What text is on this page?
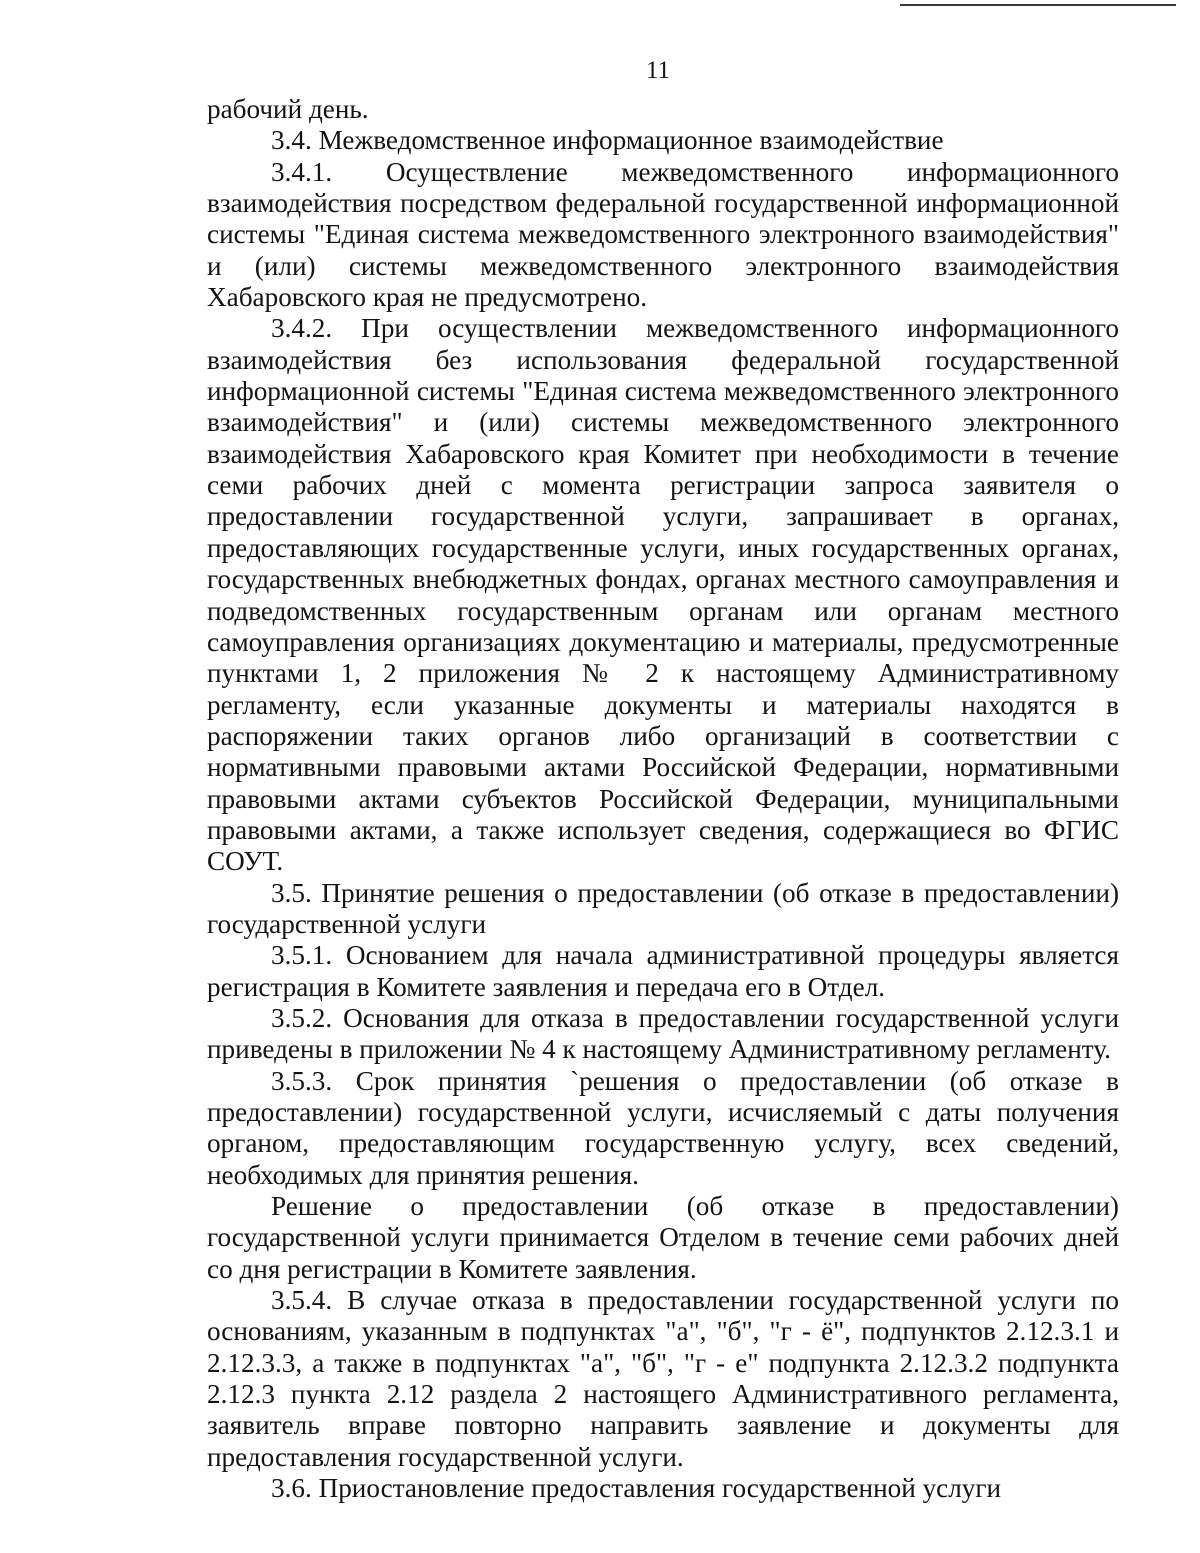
11

рабочий день.

3.4. Межведомственное информационное взаимодействие

3.4.1. Осуществление межведомственного информационного взаимодействия посредством федеральной государственной информационной системы "Единая система межведомственного электронного взаимодействия" и (или) системы межведомственного электронного взаимодействия Хабаровского края не предусмотрено.

3.4.2. При осуществлении межведомственного информационного взаимодействия без использования федеральной государственной информационной системы "Единая система межведомственного электронного взаимодействия" и (или) системы межведомственного электронного взаимодействия Хабаровского края Комитет при необходимости в течение семи рабочих дней с момента регистрации запроса заявителя о предоставлении государственной услуги, запрашивает в органах, предоставляющих государственные услуги, иных государственных органах, государственных внебюджетных фондах, органах местного самоуправления и подведомственных государственным органам или органам местного самоуправления организациях документацию и материалы, предусмотренные пунктами 1, 2 приложения № 2 к настоящему Административному регламенту, если указанные документы и материалы находятся в распоряжении таких органов либо организаций в соответствии с нормативными правовыми актами Российской Федерации, нормативными правовыми актами субъектов Российской Федерации, муниципальными правовыми актами, а также использует сведения, содержащиеся во ФГИС СОУТ.

3.5. Принятие решения о предоставлении (об отказе в предоставлении) государственной услуги

3.5.1. Основанием для начала административной процедуры является регистрация в Комитете заявления и передача его в Отдел.

3.5.2. Основания для отказа в предоставлении государственной услуги приведены в приложении № 4 к настоящему Административному регламенту.

3.5.3. Срок принятия `решения о предоставлении (об отказе в предоставлении) государственной услуги, исчисляемый с даты получения органом, предоставляющим государственную услугу, всех сведений, необходимых для принятия решения.

Решение о предоставлении (об отказе в предоставлении) государственной услуги принимается Отделом в течение семи рабочих дней со дня регистрации в Комитете заявления.

3.5.4. В случае отказа в предоставлении государственной услуги по основаниям, указанным в подпунктах "а", "б", "г - ё", подпунктов 2.12.3.1 и 2.12.3.3, а также в подпунктах "а", "б", "г - е" подпункта 2.12.3.2 подпункта 2.12.3 пункта 2.12 раздела 2 настоящего Административного регламента, заявитель вправе повторно направить заявление и документы для предоставления государственной услуги.

3.6. Приостановление предоставления государственной услуги
